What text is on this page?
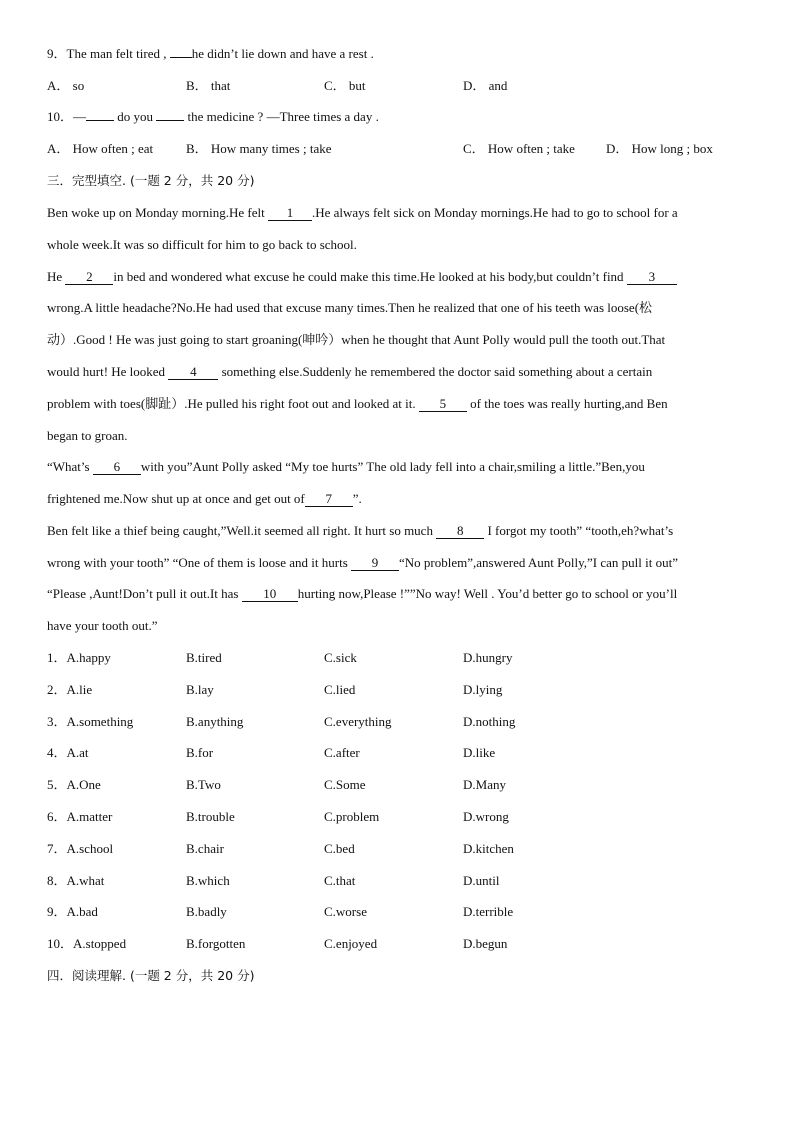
9．The man felt tired , he didn’t lie down and have a rest .
A． so	B． that	C． but	D． and
10．— do you  the medicine ? —Three times a day .
A． How often ; eat	B． How many times ; take	C． How often ; take D． How long ; box
三．完型填空. (一题 2 分，共 20 分)
Ben woke up on Monday morning.He felt 1 .He always felt sick on Monday mornings.He had to go to school for a
whole week.It was so difficult for him to go back to school.
He 2 in bed and wondered what excuse he could make this time.He looked at his body,but couldn’t find 3
wrong.A little headache?No.He had used that excuse many times.Then he realized that one of his teeth was loose(松
动）.Good ! He was just going to start groaning(呻吟）when he thought that Aunt Polly would pull the tooth out.That
would hurt! He looked 4 something else.Suddenly he remembered the doctor said something about a certain
problem with toes(脚趾）.He pulled his right foot out and looked at it. 5 of the toes was really hurting,and Ben
began to groan.
“What’s 6 with you”Aunt Polly asked “My toe hurts” The old lady fell into a chair,smiling a little.”Ben,you
frightened me.Now shut up at once and get out of 7 ”.
Ben felt like a thief being caught,”Well.it seemed all right. It hurt so much 8 I forgot my tooth” “tooth,eh?what’s
wrong with your tooth” “One of them is loose and it hurts 9 “No problem”,answered Aunt Polly,”I can pull it out”
“Please ,Aunt!Don’t pull it out.It has 10 hurting now,Please !””No way! Well . You’d better go to school or you’ll
have your tooth out.”
1．A.happy	B.tired	C.sick	D.hungry
2．A.lie	B.lay	C.lied	D.lying
3．A.something	B.anything	C.everything	D.nothing
4．A.at	B.for	C.after	D.like
5．A.One	B.Two	C.Some	D.Many
6．A.matter	B.trouble	C.problem	D.wrong
7．A.school	B.chair	C.bed	D.kitchen
8．A.what	B.which	C.that	D.until
9．A.bad	B.badly	C.worse	D.terrible
10．A.stopped	B.forgotten	C.enjoyed	D.begun
四．阅读理解. (一题 2 分，共 20 分)
